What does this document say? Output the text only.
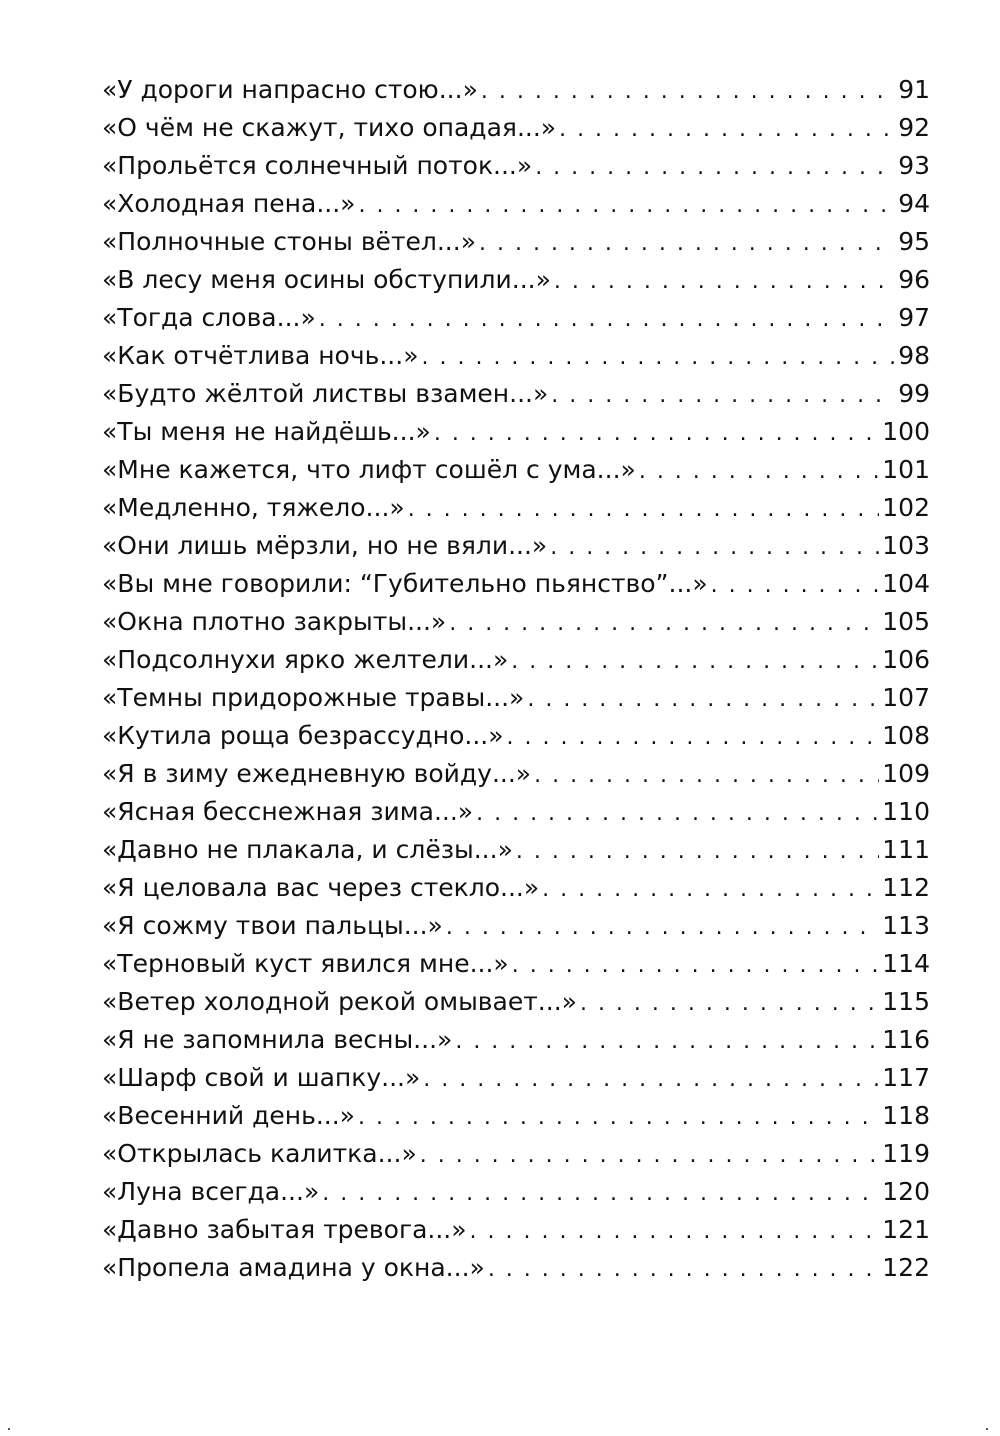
«У дороги напрасно стою...» . . .	91
«О чём не скажут, тихо опадая...» . . .	92
«Прольётся солнечный поток...» . . .	93
«Холодная пена...» . . .	94
«Полночные стоны вётел...» . . .	95
«В лесу меня осины обступили...» . . .	96
«Тогда слова...» . . .	97
«Как отчётлива ночь...» . . .	98
«Будто жёлтой листвы взамен...» . . .	99
«Ты меня не найдёшь...» . . .	100
«Мне кажется, что лифт сошёл с ума...» . . .	101
«Медленно, тяжело...» . . .	102
«Они лишь мёрзли, но не вяли...» . . .	103
«Вы мне говорили: “Губительно пьянство”...» . . .	104
«Окна плотно закрыты...» . . .	105
«Подсолнухи ярко желтели...» . . .	106
«Темны придорожные травы...» . . .	107
«Кутила роща безрассудно...» . . .	108
«Я в зиму ежедневную войду...» . . .	109
«Ясная бесснежная зима...» . . .	110
«Давно не плакала, и слёзы...» . . .	111
«Я целовала вас через стекло...» . . .	112
«Я сожму твои пальцы...» . . .	113
«Терновый куст явился мне...» . . .	114
«Ветер холодной рекой омывает...» . . .	115
«Я не запомнила весны...» . . .	116
«Шарф свой и шапку...» . . .	117
«Весенний день...» . . .	118
«Открылась калитка...» . . .	119
«Луна всегда...» . . .	120
«Давно забытая тревога...» . . .	121
«Пропела амадина у окна...» . . .	122
